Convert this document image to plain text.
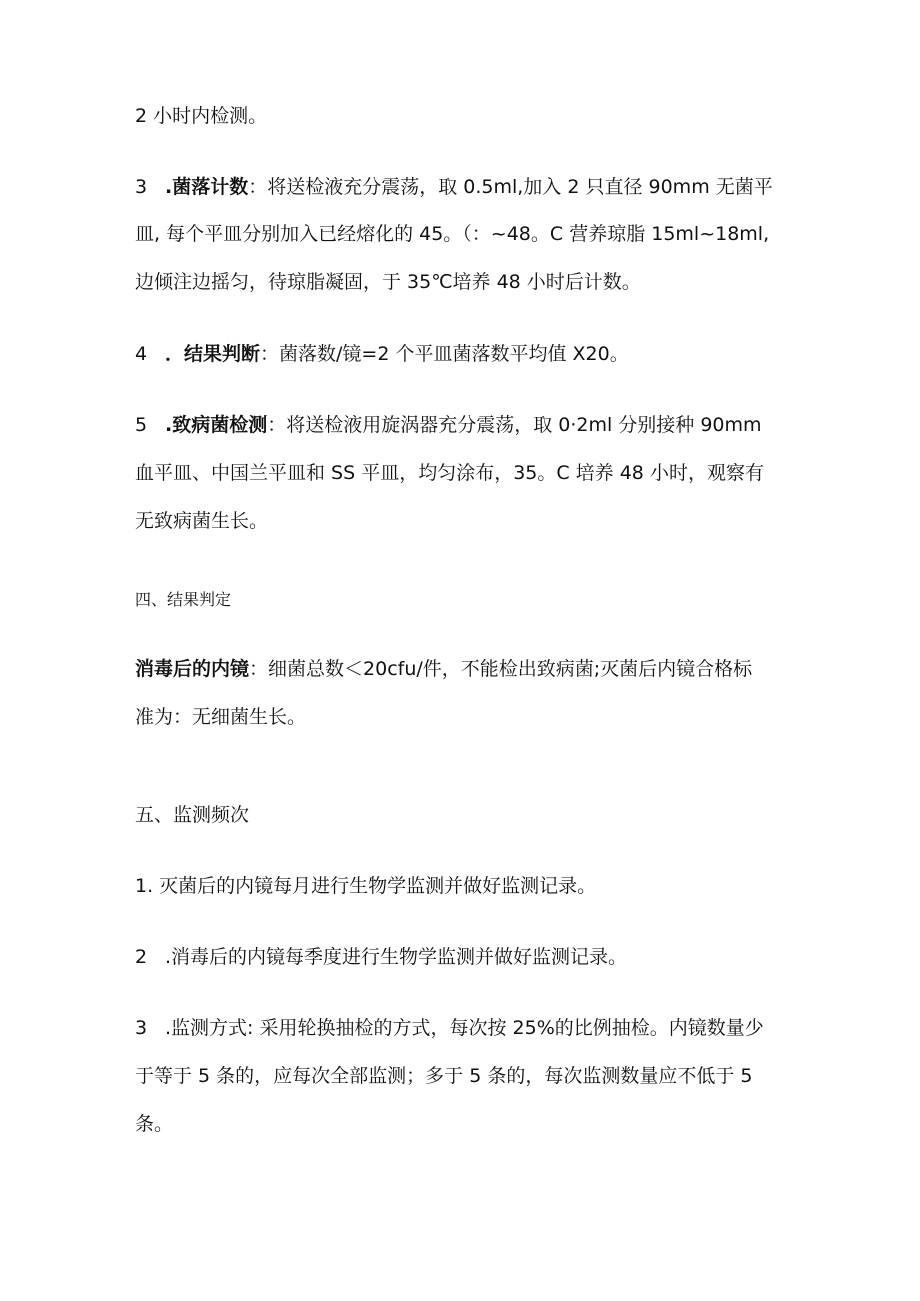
2 小时内检测。
3 .菌落计数：将送检液充分震荡，取 0.5ml,加入 2 只直径 90mm 无菌平
皿, 每个平皿分别加入已经熔化的 45。（：~48。C 营养琼脂 15ml~18ml,
边倾注边摇匀，待琼脂凝固，于 35℃培养 48 小时后计数。
4 ．结果判断：菌落数/镜=2 个平皿菌落数平均值 X20。
5 .致病菌检测：将送检液用旋涡器充分震荡，取 0·2ml 分别接种 90mm
血平皿、中国兰平皿和 SS 平皿，均匀涂布，35。C 培养 48 小时，观察有
无致病菌生长。
四、结果判定
消毒后的内镜：细菌总数＜20cfu/件，不能检出致病菌;灭菌后内镜合格标
准为：无细菌生长。
五、监测频次
1. 灭菌后的内镜每月进行生物学监测并做好监测记录。
2 .消毒后的内镜每季度进行生物学监测并做好监测记录。
3 .监测方式: 采用轮换抽检的方式，每次按 25%的比例抽检。内镜数量少
于等于 5 条的，应每次全部监测；多于 5 条的，每次监测数量应不低于 5
条。
